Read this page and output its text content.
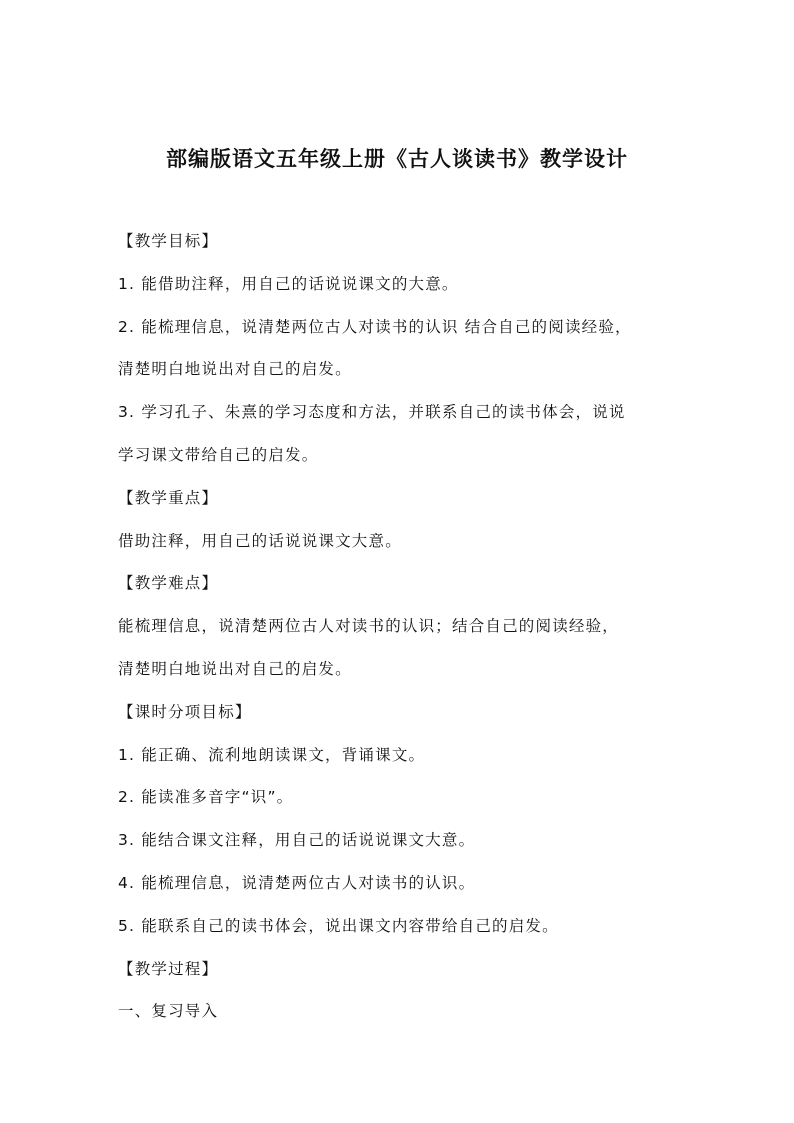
部编版语文五年级上册《古人谈读书》教学设计
【教学目标】
1. 能借助注释，用自己的话说说课文的大意。
2. 能梳理信息，说清楚两位古人对读书的认识 结合自己的阅读经验，
清楚明白地说出对自己的启发。
3. 学习孔子、朱熹的学习态度和方法，并联系自己的读书体会，说说
学习课文带给自己的启发。
【教学重点】
借助注释，用自己的话说说课文大意。
【教学难点】
能梳理信息，说清楚两位古人对读书的认识；结合自己的阅读经验，
清楚明白地说出对自己的启发。
【课时分项目标】
1. 能正确、流利地朗读课文，背诵课文。
2. 能读准多音字“识”。
3. 能结合课文注释，用自己的话说说课文大意。
4. 能梳理信息，说清楚两位古人对读书的认识。
5. 能联系自己的读书体会，说出课文内容带给自己的启发。
【教学过程】
一、复习导入
